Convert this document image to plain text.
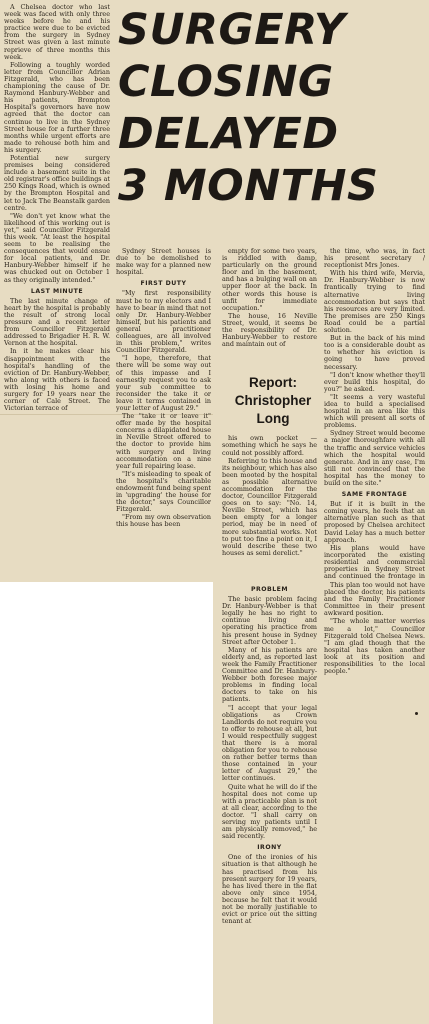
SURGERY
CLOSING
DELAYED
3 MONTHS

A Chelsea doctor who last week was faced with only three weeks before he and his practice were due to be evicted from the surgery in Sydney Street was given a last minute reprieve of three months this week.

Following a toughly worded letter from Councillor Adrian Fitzgerald, who has been championing the cause of Dr. Raymond Hanbury-Webber and his patients, Brompton Hospital's governors have now agreed that the doctor can continue to live in the Sydney Street house for a further three months while urgent efforts are made to rehouse both him and his surgery.

Potential new surgery premises being considered include a basement suite in the old registrar's office buildings at 250 Kings Road, which is owned by the Brompton Hospital and let to Jack The Beanstalk garden centre.

"We don't yet know what the likelihood of this working out is yet," said Councillor Fitzgerald this week. "At least the hospital seem to be realising the consequences that would ensue for local patients, and Dr. Hanbury-Webber himself if he was chucked out on October 1 as they originally intended."

LAST MINUTE

The last minute change of heart by the hospital is probably the result of strong local pressure and a recent letter from Councillor Fitzgerald addressed to Brigadier H. R. W. Vernon at the hospital.

In it he makes clear his disappointment with the hospital's handling of the eviction of Dr. Hanbury-Webber, who along with others is faced with losing his home and surgery for 19 years near the corner of Cale Street. The Victorian terrace of

Sydney Street houses is due to be demolished to make way for a planned new hospital.

FIRST DUTY

"My first responsibility must be to my electors and I have to bear in mind that not only Dr. Hanbury-Webber himself, but his patients and general practitioner colleagues, are all involved in this problem," writes Councillor Fitzgerald.

"I hope, therefore, that there will be some way out of this impasse and I earnestly request you to ask your sub committee to reconsider the take it or leave it terms contained in your letter of August 29."

The "take it or leave it" offer made by the hospital concerns a dilapidated house in Neville Street offered to the doctor to provide him with surgery and living accommodation on a nine year full repairing lease.

"It's misleading to speak of the hospital's charitable endowment fund being spent in 'upgrading' the house for the doctor," says Councillor Fitzgerald.

"From my own observation this house has been

empty for some two years, is riddled with damp, particularly on the ground floor and in the basement, and has a bulging wall on an upper floor at the back. In other words this house is unfit for immediate occupation."

The house, 16 Neville Street, would, it seems be the responsibility of Dr. Hanbury-Webber to restore and maintain out of

his own pocket — something which he says he could not possibly afford.

Referring to this house and its neighbour, which has also been mooted by the hospital as possible alternative accommodation for the doctor, Councillor Fitzgerald goes on to say: "No. 14, Neville Street, which has been empty for a longer period, may be in need of more substantial works. Not to put too fine a point on it, I would describe these two houses as semi derelict."

the time, who was, in fact his present secretary / receptionist Mrs Jones.

With his third wife, Mervia, Dr. Hanbury-Webber is now frantically trying to find alternative living accommodation but says that his resources are very limited. The premises are 250 Kings Road could be a partial solution.

But in the back of his mind too is a considerable doubt as to whether his eviction is going to have proved necessary.

"I don't know whether they'll ever build this hospital, do you?" he asked.

"It seems a very wasteful idea to build a specialised hospital in an area like this which will present all sorts of problems.

Sydney Street would become a major thoroughfare with all the traffic and service vehicles which the hospital would generate. And in any case, I'm still not convinced that the hospital has the money to build on the site."

SAME FRONTAGE

But if it is built in the coming years, he feels that an alternative plan such as that proposed by Chelsea architect David Lelay has a much better approach.

His plans would have incorporated the existing residential and commercial properties in Sydney Street and continued the frontage in

PROBLEM

The basic problem facing Dr. Hanbury-Webber is that legally he has no right to continue living and operating his practice from his present house in Sydney Street after October 1.

Many of his patients are elderly and, as reported last week the Family Practitioner Committee and Dr. Hanbury-Webber both foresee major problems in finding local doctors to take on his patients.

"I accept that your legal obligations as Crown Landlords do not require you to offer to rehouse at all, but I would respectfully suggest that there is a moral obligation for you to rehouse on rather better terms than those contained in your letter of August 29," the letter continues.

Quite what he will do if the hospital does not come up with a practicable plan is not at all clear, according to the doctor. "I shall carry on serving my patients until I am physically removed," he said recently.

IRONY

One of the ironies of his situation is that although he has practised from his present surgery for 19 years, he has lived there in the flat above only since 1954, because he felt that it would not be morally justifiable to evict or price out the sitting tenant at

This plan too would not have placed the doctor, his patients and the Family Practitioner Committee in their present awkward position.

"The whole matter worries me a lot," Councillor Fitzgerald told Chelsea News. "I am glad though that the hospital has taken another look at its position and responsibilities to the local people."

Report:
Christopher
Long
